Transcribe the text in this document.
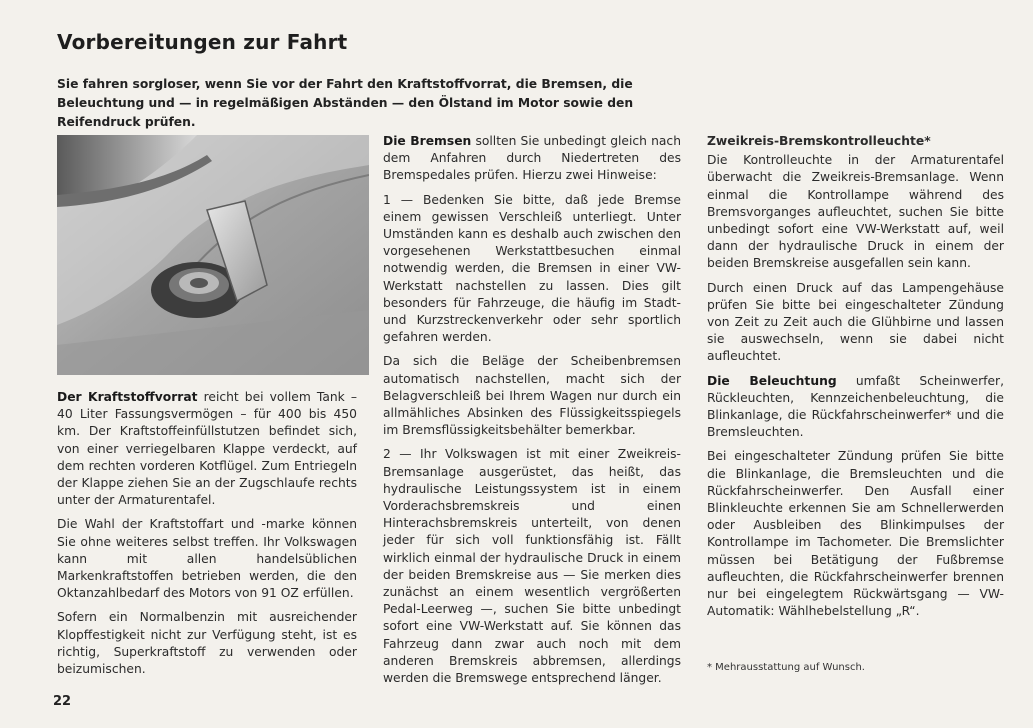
Vorbereitungen zur Fahrt
Sie fahren sorgloser, wenn Sie vor der Fahrt den Kraftstoffvorrat, die Bremsen, die Beleuchtung und — in regelmäßigen Abständen — den Ölstand im Motor sowie den Reifendruck prüfen.

Der Kraftstoffvorrat reicht bei vollem Tank – 40 Liter Fassungsvermögen – für 400 bis 450 km. Der Kraftstoffeinfüllstutzen befindet sich, von einer verriegelbaren Klappe verdeckt, auf dem rechten vorderen Kotflügel. Zum Entriegeln der Klappe ziehen Sie an der Zugschlaufe rechts unter der Armaturentafel.

Die Wahl der Kraftstoffart und -marke können Sie ohne weiteres selbst treffen. Ihr Volkswagen kann mit allen handelsüblichen Markenkraftstoffen betrieben werden, die den Oktanzahlbedarf des Motors von 91 OZ erfüllen.

Sofern ein Normalbenzin mit ausreichender Klopffestigkeit nicht zur Verfügung steht, ist es richtig, Superkraftstoff zu verwenden oder beizumischen.

Die Bremsen sollten Sie unbedingt gleich nach dem Anfahren durch Niedertreten des Bremspedales prüfen. Hierzu zwei Hinweise:

1 — Bedenken Sie bitte, daß jede Bremse einem gewissen Verschleiß unterliegt. Unter Umständen kann es deshalb auch zwischen den vorgesehenen Werkstattbesuchen einmal notwendig werden, die Bremsen in einer VW-Werkstatt nachstellen zu lassen. Dies gilt besonders für Fahrzeuge, die häufig im Stadt- und Kurzstreckenverkehr oder sehr sportlich gefahren werden.

Da sich die Beläge der Scheibenbremsen automatisch nachstellen, macht sich der Belagverschleiß bei Ihrem Wagen nur durch ein allmähliches Absinken des Flüssigkeitsspiegels im Bremsflüssigkeitsbehälter bemerkbar.

2 — Ihr Volkswagen ist mit einer Zweikreis-Bremsanlage ausgerüstet, das heißt, das hydraulische Leistungssystem ist in einem Vorderachsbremskreis und einen Hinterachsbremskreis unterteilt, von denen jeder für sich voll funktionsfähig ist. Fällt wirklich einmal der hydraulische Druck in einem der beiden Bremskreise aus — Sie merken dies zunächst an einem wesentlich vergrößerten Pedal-Leerweg —, suchen Sie bitte unbedingt sofort eine VW-Werkstatt auf. Sie können das Fahrzeug dann zwar auch noch mit dem anderen Bremskreis abbremsen, allerdings werden die Bremswege entsprechend länger.

Zweikreis-Bremskontrolleuchte*

Die Kontrolleuchte in der Armaturentafel überwacht die Zweikreis-Bremsanlage. Wenn einmal die Kontrollampe während des Bremsvorganges aufleuchtet, suchen Sie bitte unbedingt sofort eine VW-Werkstatt auf, weil dann der hydraulische Druck in einem der beiden Bremskreise ausgefallen sein kann.

Durch einen Druck auf das Lampengehäuse prüfen Sie bitte bei eingeschalteter Zündung von Zeit zu Zeit auch die Glühbirne und lassen sie auswechseln, wenn sie dabei nicht aufleuchtet.

Die Beleuchtung umfaßt Scheinwerfer, Rückleuchten, Kennzeichenbeleuchtung, die Blinkanlage, die Rückfahrscheinwerfer* und die Bremsleuchten.

Bei eingeschalteter Zündung prüfen Sie bitte die Blinkanlage, die Bremsleuchten und die Rückfahrscheinwerfer. Den Ausfall einer Blinkleuchte erkennen Sie am Schnellerwerden oder Ausbleiben des Blinkimpulses der Kontrollampe im Tachometer. Die Bremslichter müssen bei Betätigung der Fußbremse aufleuchten, die Rückfahrscheinwerfer brennen nur bei eingelegtem Rückwärtsgang — VW-Automatik: Wählhebelstellung „R“.

* Mehrausstattung auf Wunsch.
22
